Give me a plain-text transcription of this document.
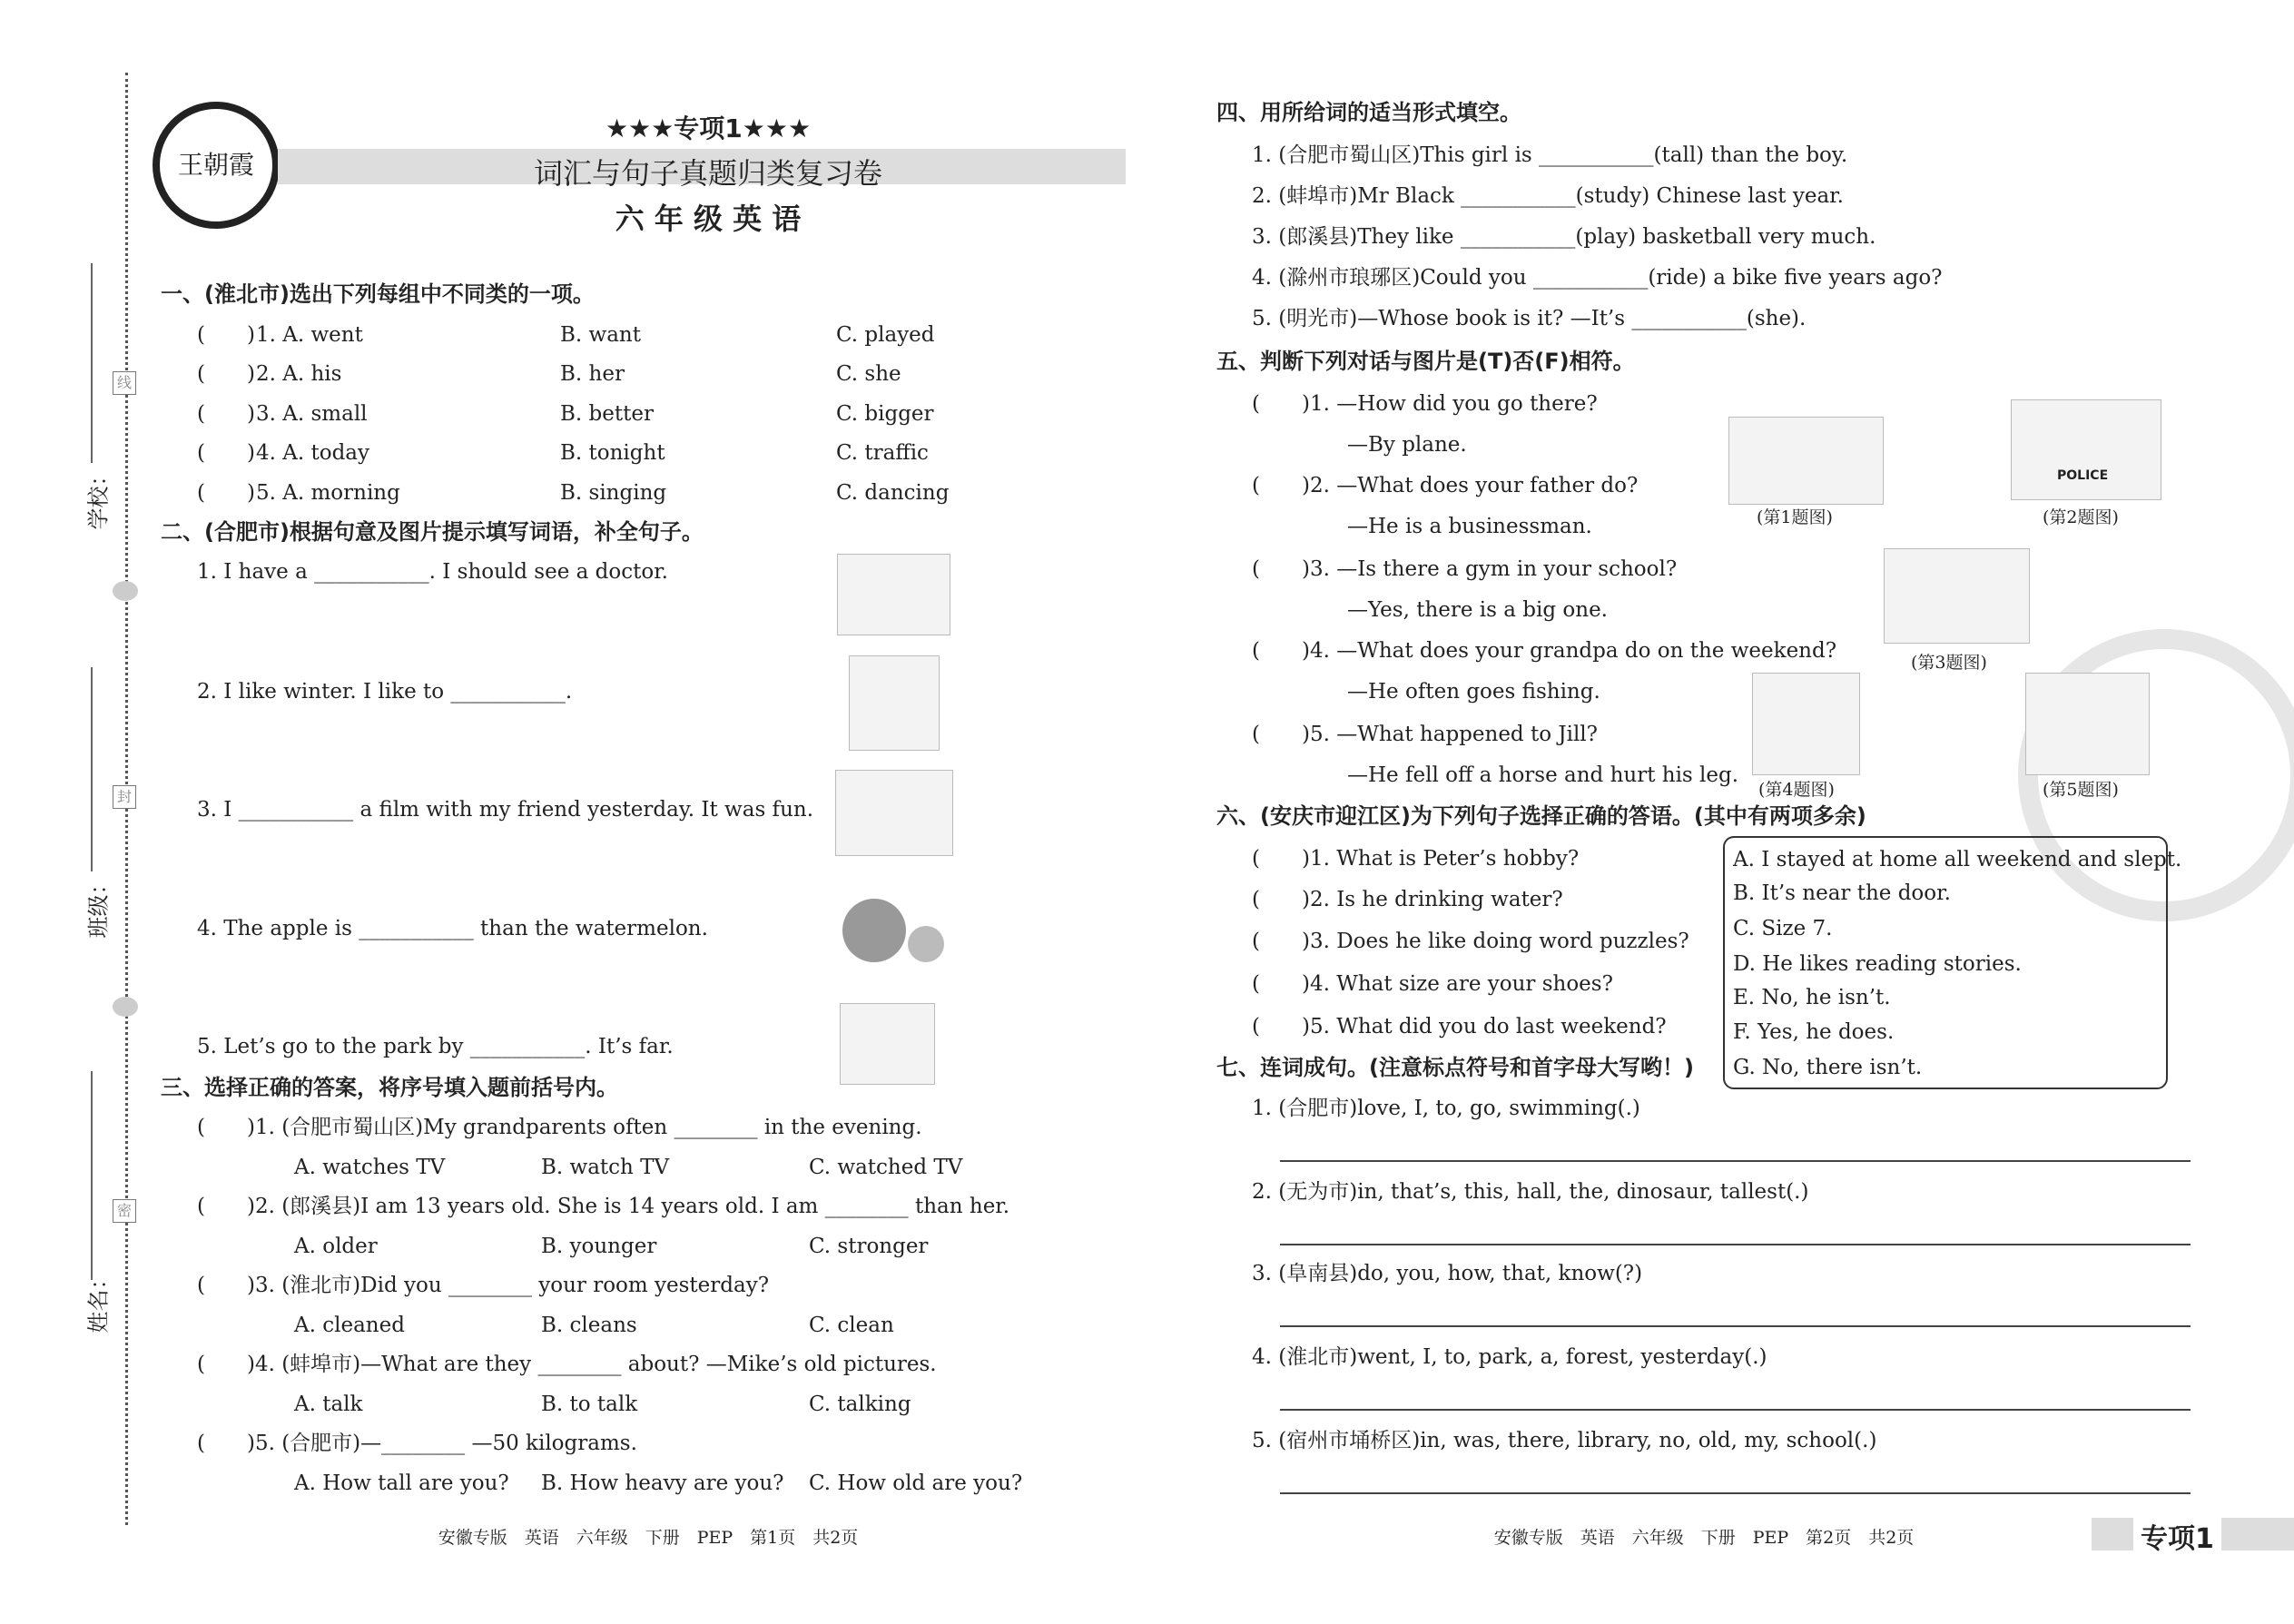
学校：
班级：
姓名：
线
封
密
王朝霞
★★★专项1★★★
词汇与句子真题归类复习卷
六 年 级 英 语
一、(淮北市)选出下列每组中不同类的一项。
(　　) 1. A. went	B. want	C. played
(　　) 2. A. his	B. her	C. she
(　　) 3. A. small	B. better	C. bigger
(　　) 4. A. today	B. tonight	C. traffic
(　　) 5. A. morning	B. singing	C. dancing
二、(合肥市)根据句意及图片提示填写词语，补全句子。
1. I have a ___________. I should see a doctor.
2. I like winter. I like to ___________.
3. I ___________ a film with my friend yesterday. It was fun.
4. The apple is ___________ than the watermelon.
5. Let’s go to the park by ___________. It’s far.
三、选择正确的答案，将序号填入题前括号内。
(　　)1. (合肥市蜀山区)My grandparents often ________ in the evening.
A. watches TV	B. watch TV	C. watched TV
(　　)2. (郎溪县)I am 13 years old. She is 14 years old. I am ________ than her.
A. older	B. younger	C. stronger
(　　)3. (淮北市)Did you ________ your room yesterday?
A. cleaned	B. cleans	C. clean
(　　)4. (蚌埠市)—What are they ________ about? —Mike’s old pictures.
A. talk	B. to talk	C. talking
(　　)5. (合肥市)—________ —50 kilograms.
A. How tall are you? B. How heavy are you? C. How old are you?
安徽专版　英语　六年级　下册　PEP　第1页　共2页
四、用所给词的适当形式填空。
1. (合肥市蜀山区)This girl is ___________(tall) than the boy.
2. (蚌埠市)Mr Black ___________(study) Chinese last year.
3. (郎溪县)They like ___________(play) basketball very much.
4. (滁州市琅琊区)Could you ___________(ride) a bike five years ago?
5. (明光市)—Whose book is it? —It’s ___________(she).
五、判断下列对话与图片是(T)否(F)相符。
(　　)1. —How did you go there?
—By plane.
(　　)2. —What does your father do?
—He is a businessman.
(　　)3. —Is there a gym in your school?
—Yes, there is a big one.
(　　)4. —What does your grandpa do on the weekend?
—He often goes fishing.
(　　)5. —What happened to Jill?
—He fell off a horse and hurt his leg.
POLICE
(第1题图)	(第2题图)
(第3题图)
(第4题图)	(第5题图)
六、(安庆市迎江区)为下列句子选择正确的答语。(其中有两项多余)
(　　)1. What is Peter’s hobby?
(　　)2. Is he drinking water?
(　　)3. Does he like doing word puzzles?
(　　)4. What size are your shoes?
(　　)5. What did you do last weekend?
A. I stayed at home all weekend and slept.
B. It’s near the door.
C. Size 7.
D. He likes reading stories.
E. No, he isn’t.
F. Yes, he does.
G. No, there isn’t.
七、连词成句。(注意标点符号和首字母大写哟！)
1. (合肥市)love, I, to, go, swimming(.)
2. (无为市)in, that’s, this, hall, the, dinosaur, tallest(.)
3. (阜南县)do, you, how, that, know(?)
4. (淮北市)went, I, to, park, a, forest, yesterday(.)
5. (宿州市埇桥区)in, was, there, library, no, old, my, school(.)
安徽专版　英语　六年级　下册　PEP　第2页　共2页	专项1
